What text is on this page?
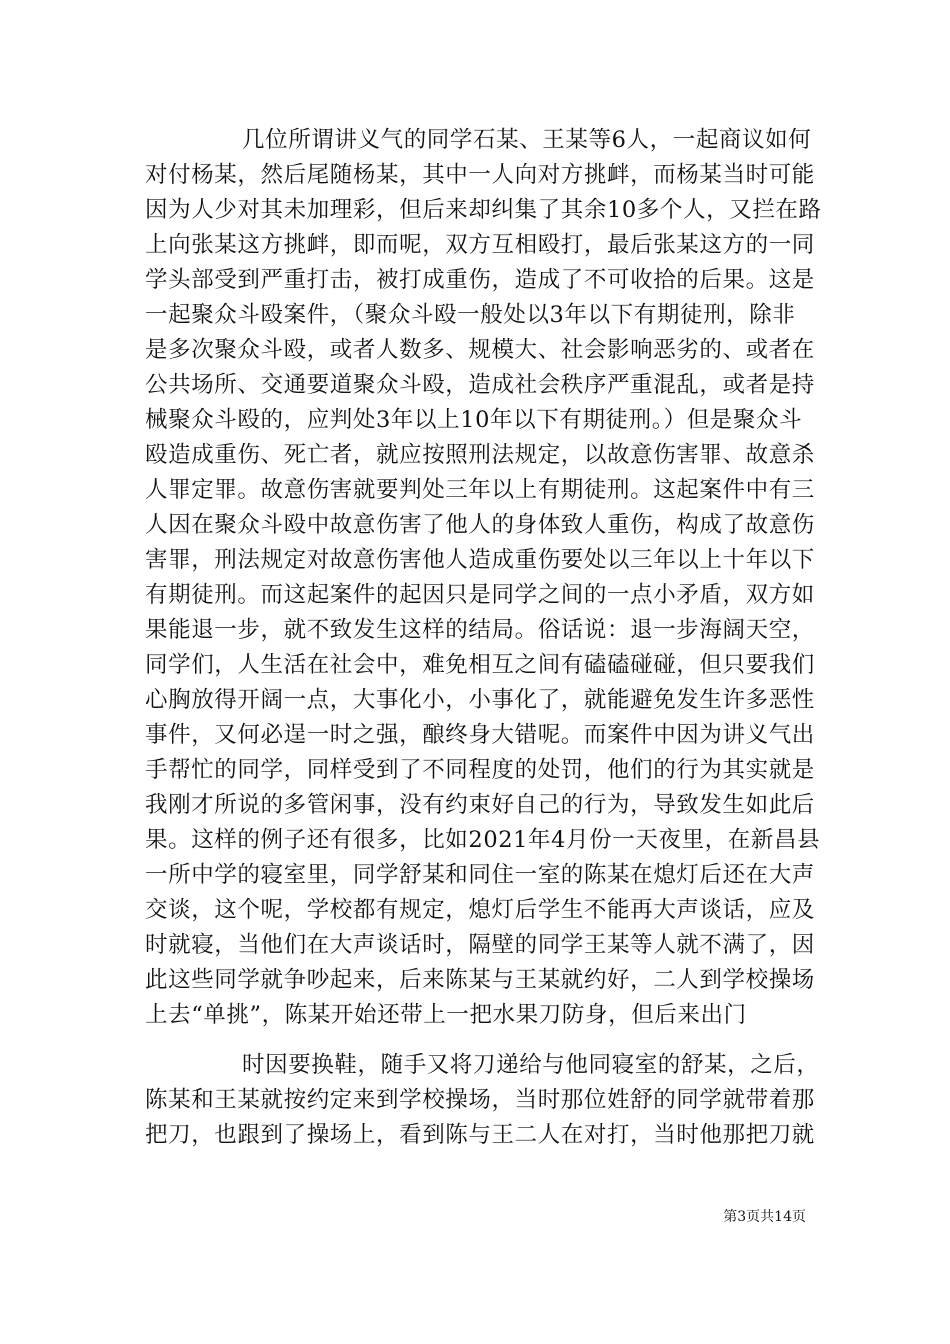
几位所谓讲义气的同学石某、王某等6人，一起商议如何
对付杨某，然后尾随杨某，其中一人向对方挑衅，而杨某当时可能
因为人少对其未加理彩，但后来却纠集了其余10多个人，又拦在路
上向张某这方挑衅，即而呢，双方互相殴打，最后张某这方的一同
学头部受到严重打击，被打成重伤，造成了不可收拾的后果。这是
一起聚众斗殴案件，（聚众斗殴一般处以3年以下有期徒刑，除非
是多次聚众斗殴，或者人数多、规模大、社会影响恶劣的、或者在
公共场所、交通要道聚众斗殴，造成社会秩序严重混乱，或者是持
械聚众斗殴的，应判处3年以上10年以下有期徒刑。）但是聚众斗
殴造成重伤、死亡者，就应按照刑法规定，以故意伤害罪、故意杀
人罪定罪。故意伤害就要判处三年以上有期徒刑。这起案件中有三
人因在聚众斗殴中故意伤害了他人的身体致人重伤，构成了故意伤
害罪，刑法规定对故意伤害他人造成重伤要处以三年以上十年以下
有期徒刑。而这起案件的起因只是同学之间的一点小矛盾，双方如
果能退一步，就不致发生这样的结局。俗话说：退一步海阔天空，
同学们，人生活在社会中，难免相互之间有磕磕碰碰，但只要我们
心胸放得开阔一点，大事化小，小事化了，就能避免发生许多恶性
事件，又何必逞一时之强，酿终身大错呢。而案件中因为讲义气出
手帮忙的同学，同样受到了不同程度的处罚，他们的行为其实就是
我刚才所说的多管闲事，没有约束好自己的行为，导致发生如此后
果。这样的例子还有很多，比如2021年4月份一天夜里，在新昌县
一所中学的寝室里，同学舒某和同住一室的陈某在熄灯后还在大声
交谈，这个呢，学校都有规定，熄灯后学生不能再大声谈话，应及
时就寝，当他们在大声谈话时，隔壁的同学王某等人就不满了，因
此这些同学就争吵起来，后来陈某与王某就约好，二人到学校操场
上去“单挑”，陈某开始还带上一把水果刀防身，但后来出门
时因要换鞋，随手又将刀递给与他同寝室的舒某，之后，
陈某和王某就按约定来到学校操场，当时那位姓舒的同学就带着那
把刀，也跟到了操场上，看到陈与王二人在对打，当时他那把刀就
第3页共14页
